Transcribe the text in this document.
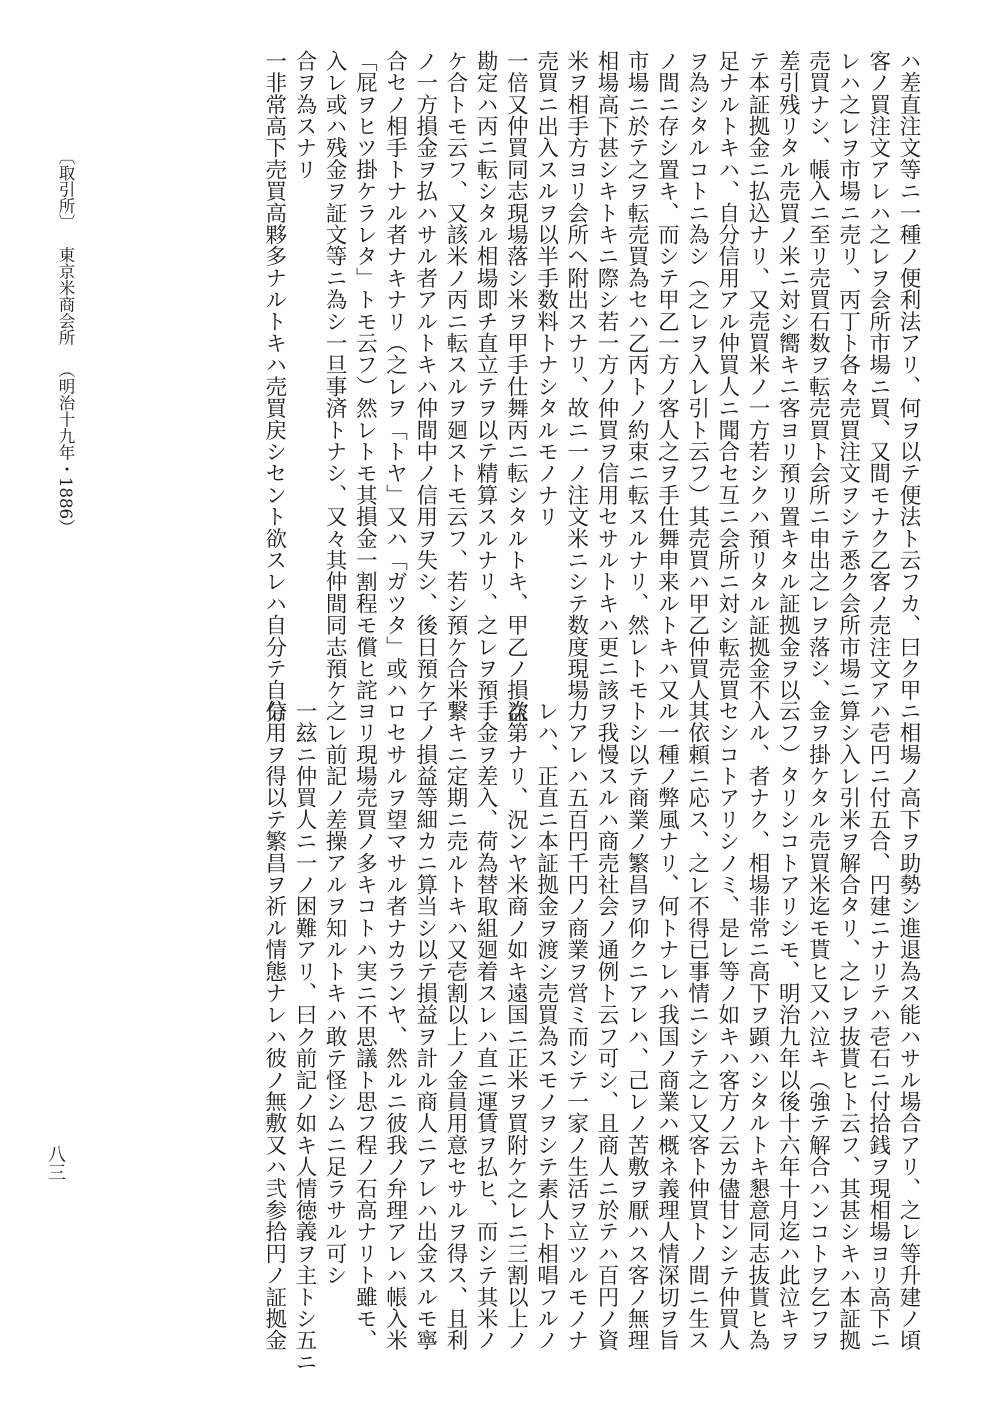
ハ差直注文等ニ一種ノ便利法アリ、何ヲ以テ便法ト云フカ、曰ク甲

客ノ買注文アレハ之レヲ会所市場ニ買、又間モナク乙客ノ売注文ア

レハ之レヲ市場ニ売リ、丙丁ト各々売買注文ヲシテ悉ク会所市場ニ

売買ナシ、帳入ニ至リ売買石数ヲ転売買ト会所ニ申出之レヲ落シ、

差引残リタル売買ノ米ニ対シ嚮キニ客ヨリ預リ置キタル証拠金ヲ以

テ本証拠金ニ払込ナリ、又売買米ノ一方若シクハ預リタル証拠金不

足ナルトキハ、自分信用アル仲買人ニ聞合セ互ニ会所ニ対シ転売買

ヲ為シタルコトニ為シ（之レヲ入レ引ト云フ）其売買ハ甲乙仲買人

ノ間ニ存シ置キ、而シテ甲乙一方ノ客人之ヲ手仕舞申来ルトキハ又

市場ニ於テ之ヲ転売買為セハ乙丙トノ約束ニ転スルナリ、然レトモ

相場高下甚シキトキニ際シ若一方ノ仲買ヲ信用セサルトキハ更ニ該

米ヲ相手方ヨリ会所ヘ附出スナリ、故ニ一ノ注文米ニシテ数度現場

売買ニ出入スルヲ以半手数料トナシタルモノナリ

一倍又仲買同志現場落シ米ヲ甲手仕舞丙ニ転シタルトキ、甲乙ノ損益

勘定ハ丙ニ転シタル相場即チ直立テヲ以テ精算スルナリ、之レヲ預

ケ合トモ云フ、又該米ノ丙ニ転スルヲ廻ストモ云フ、若シ預ケ合米

ノ一方損金ヲ払ハサル者アルトキハ仲間中ノ信用ヲ失シ、後日預ケ

合セノ相手トナル者ナキナリ（之レヲ「トヤ」又ハ「ガツタ」或ハ

「屁ヲヒツ掛ケラレタ」トモ云フ）然レトモ其損金一割程モ償ヒ詫

入レ或ハ残金ヲ証文等ニ為シ一旦事済トナシ、又々其仲間同志預ケ

合ヲ為スナリ

一非常高下売買高夥多ナルトキハ売買戻シセント欲スレハ自分テ自分

ニ相場ノ高下ヲ助勢シ進退為ス能ハサル場合アリ、之レ等升建ノ頃

ハ壱円ニ付五合、円建ニナリテハ壱石ニ付拾銭ヲ現相場ヨリ高下ニ

算シ入レ引米ヲ解合タリ、之レヲ抜貰ヒト云フ、其甚シキハ本証拠

金ヲ掛ケタル売買米迄モ貰ヒ又ハ泣キ（強テ解合ハンコトヲ乞フヲ

云フ）タリシコトアリシモ、明治九年以後十六年十月迄ハ此泣キヲ

入ル、者ナク、相場非常ニ高下ヲ顕ハシタルトキ懇意同志抜貰ヒ為

セシコトアリシノミ、是レ等ノ如キハ客方ノ云カ儘甘ンシテ仲買人

其依頼ニ応ス、之レ不得已事情ニシテ之レ又客ト仲買トノ間ニ生ス

ル一種ノ弊風ナリ、何トナレハ我国ノ商業ハ概ネ義理人情深切ヲ旨

トシ以テ商業ノ繁昌ヲ仰クニアレハ、己レノ苦敷ヲ厭ハス客ノ無理

ヲ我慢スルハ商売社会ノ通例ト云フ可シ、且商人ニ於テハ百円ノ資

力アレハ五百円千円ノ商業ヲ営ミ而シテ一家ノ生活ヲ立ツルモノナ

レハ、正直ニ本証拠金ヲ渡シ売買為スモノヲシテ素人ト相唱フルノ

次第ナリ、況ンヤ米商ノ如キ遠国ニ正米ヲ買附ケ之レニ三割以上ノ

手金ヲ差入、荷為替取組廻着スレハ直ニ運賃ヲ払ヒ、而シテ其米ノ

繋キニ定期ニ売ルトキハ又壱割以上ノ金員用意セサルヲ得ス、且利

子ノ損益等細カニ算当シ以テ損益ヲ計ル商人ニアレハ出金スルモ寧

ロセサルヲ望マサル者ナカランヤ、然ルニ彼我ノ弁理アレハ帳入米

ヨリ現場売買ノ多キコトハ実ニ不思議ト思フ程ノ石高ナリト雖モ、

之レ前記ノ差操アルヲ知ルトキハ敢テ怪シムニ足ラサル可シ

一玆ニ仲買人ニ一ノ困難アリ、曰ク前記ノ如キ人情徳義ヲ主トシ五ニ

信用ヲ得以テ繁昌ヲ祈ル情態ナレハ彼ノ無敷又ハ弐参拾円ノ証拠金

〔取引所〕東京米商会所（明治十九年・1886）
八三
